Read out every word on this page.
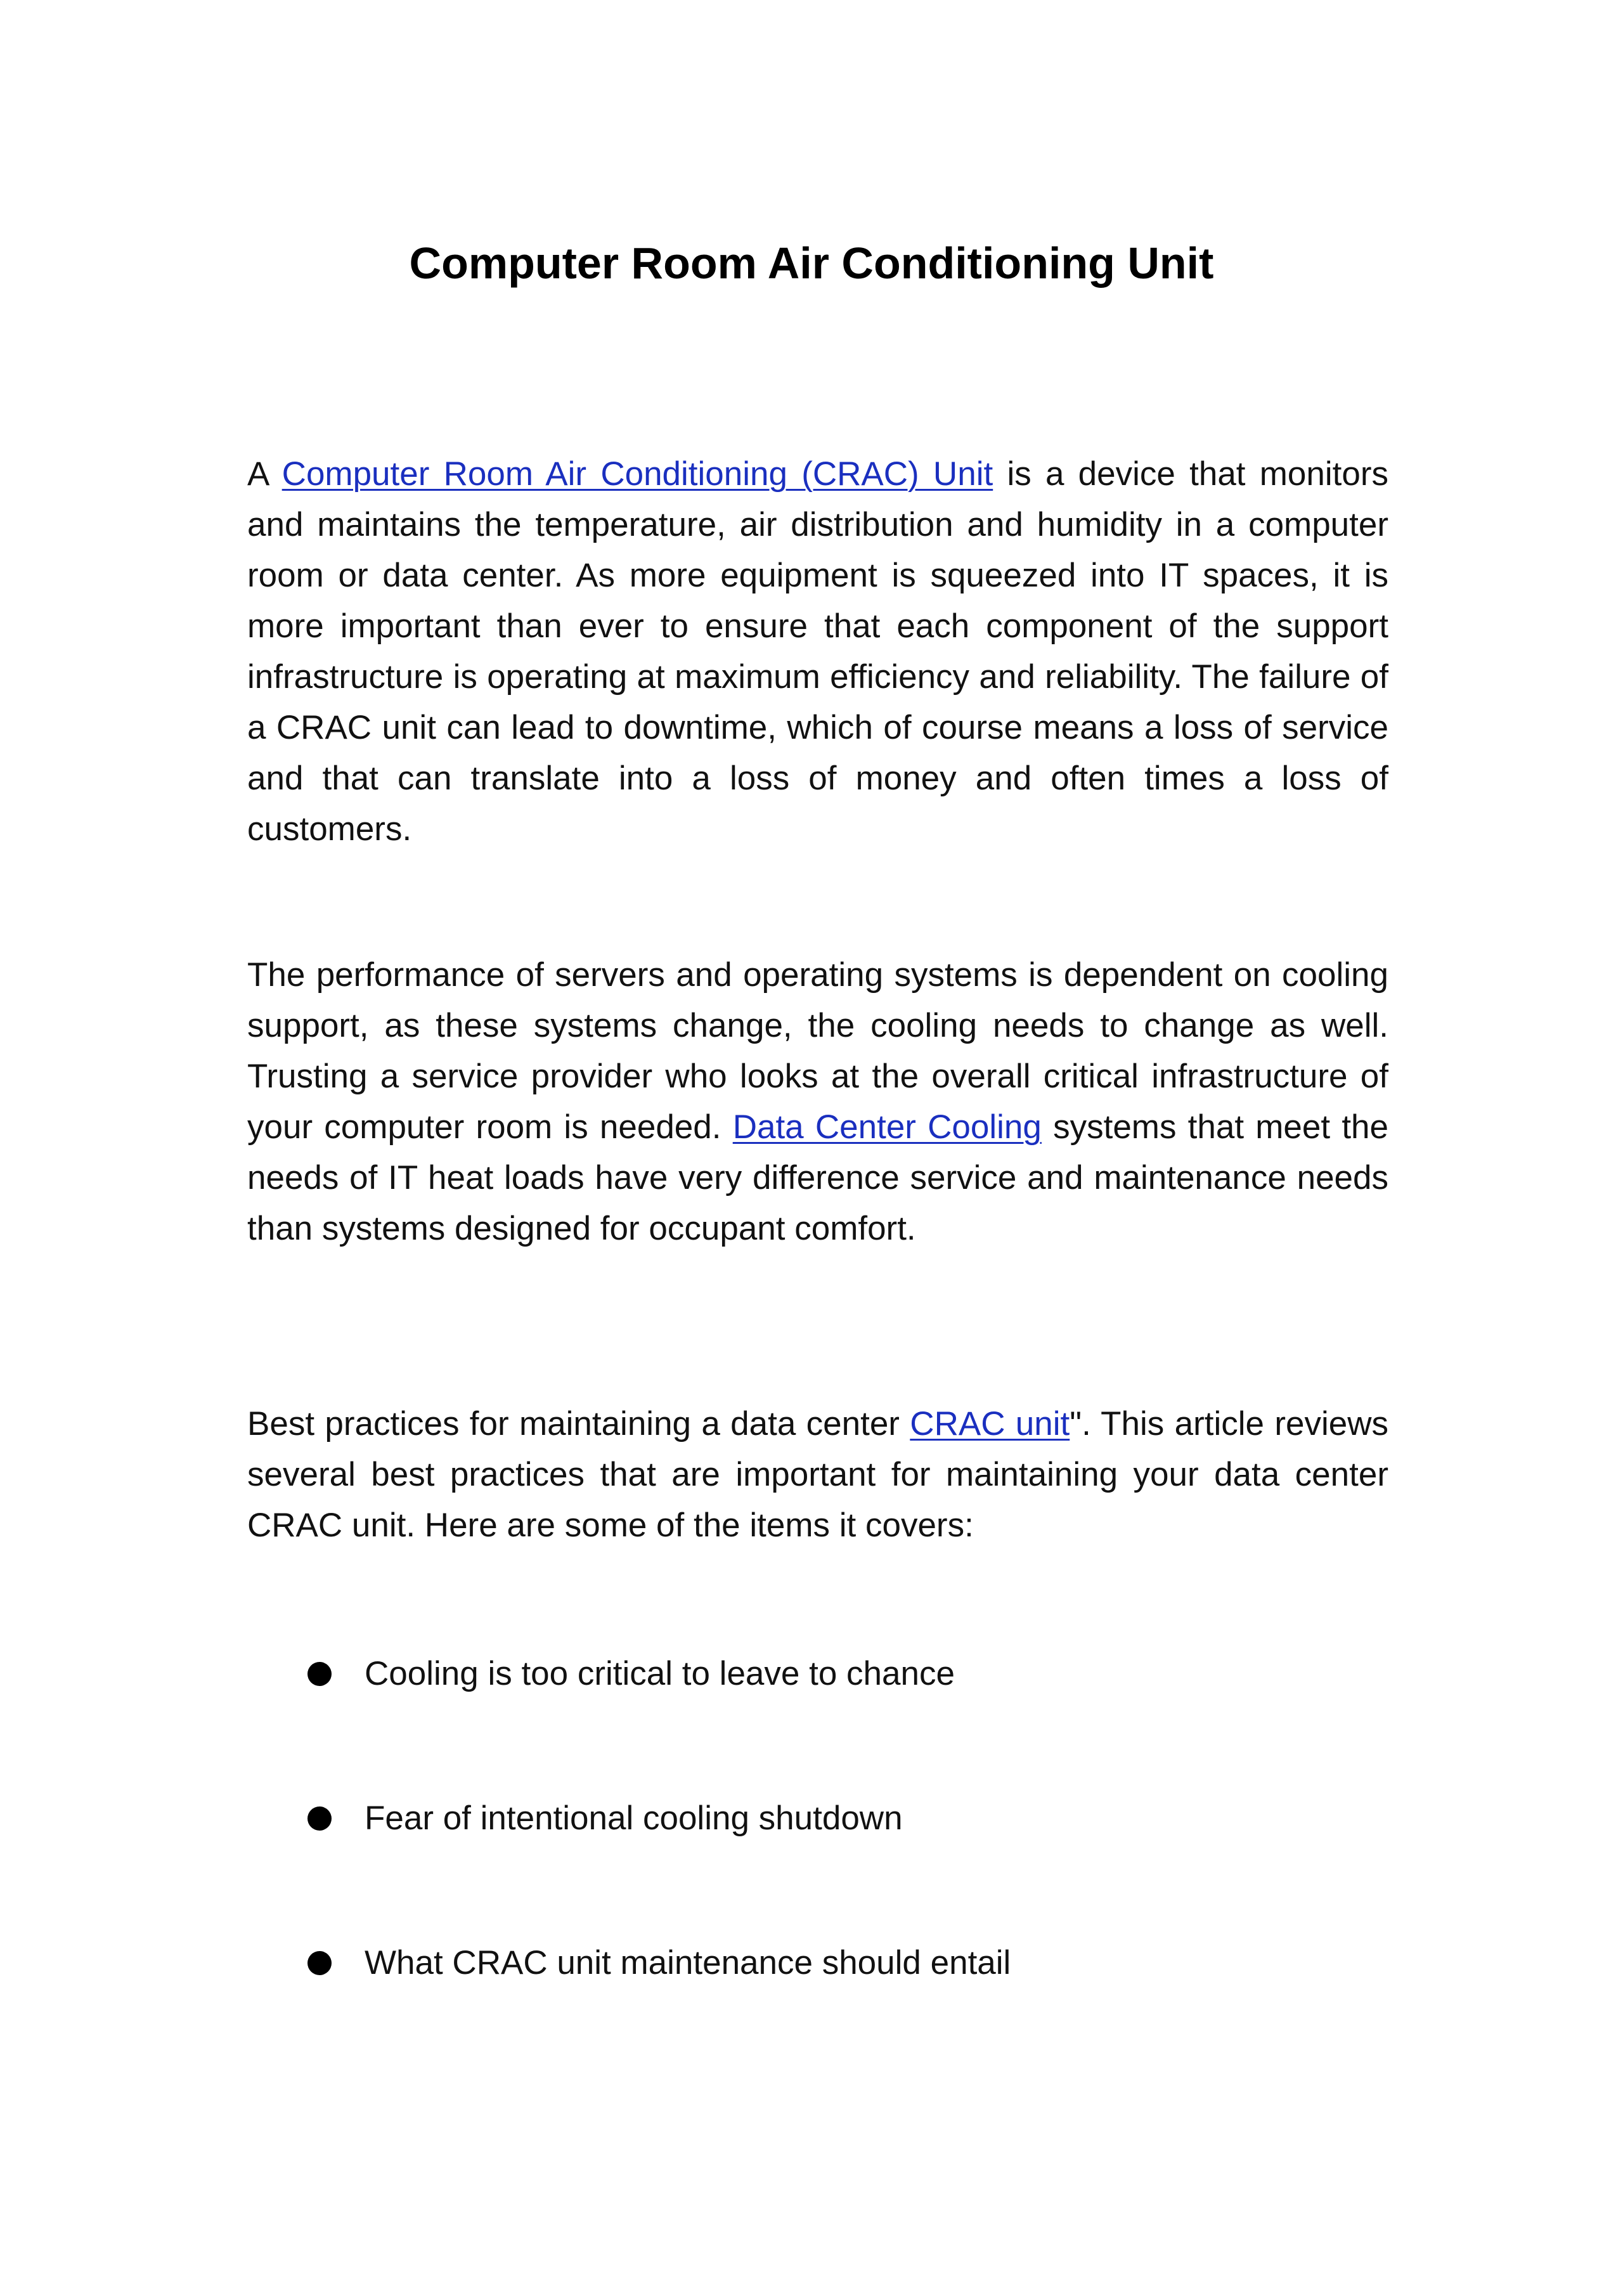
Computer Room Air Conditioning Unit

A Computer Room Air Conditioning (CRAC) Unit is a device that monitors and maintains the temperature, air distribution and humidity in a computer room or data center. As more equipment is squeezed into IT spaces, it is more important than ever to ensure that each component of the support infrastructure is operating at maximum efficiency and reliability. The failure of a CRAC unit can lead to downtime, which of course means a loss of service and that can translate into a loss of money and often times a loss of customers.

The performance of servers and operating systems is dependent on cooling support, as these systems change, the cooling needs to change as well. Trusting a service provider who looks at the overall critical infrastructure of your computer room is needed. Data Center Cooling systems that meet the needs of IT heat loads have very difference service and maintenance needs than systems designed for occupant comfort.

Best practices for maintaining a data center CRAC unit". This article reviews several best practices that are important for maintaining your data center CRAC unit. Here are some of the items it covers:

Cooling is too critical to leave to chance
Fear of intentional cooling shutdown
What CRAC unit maintenance should entail
